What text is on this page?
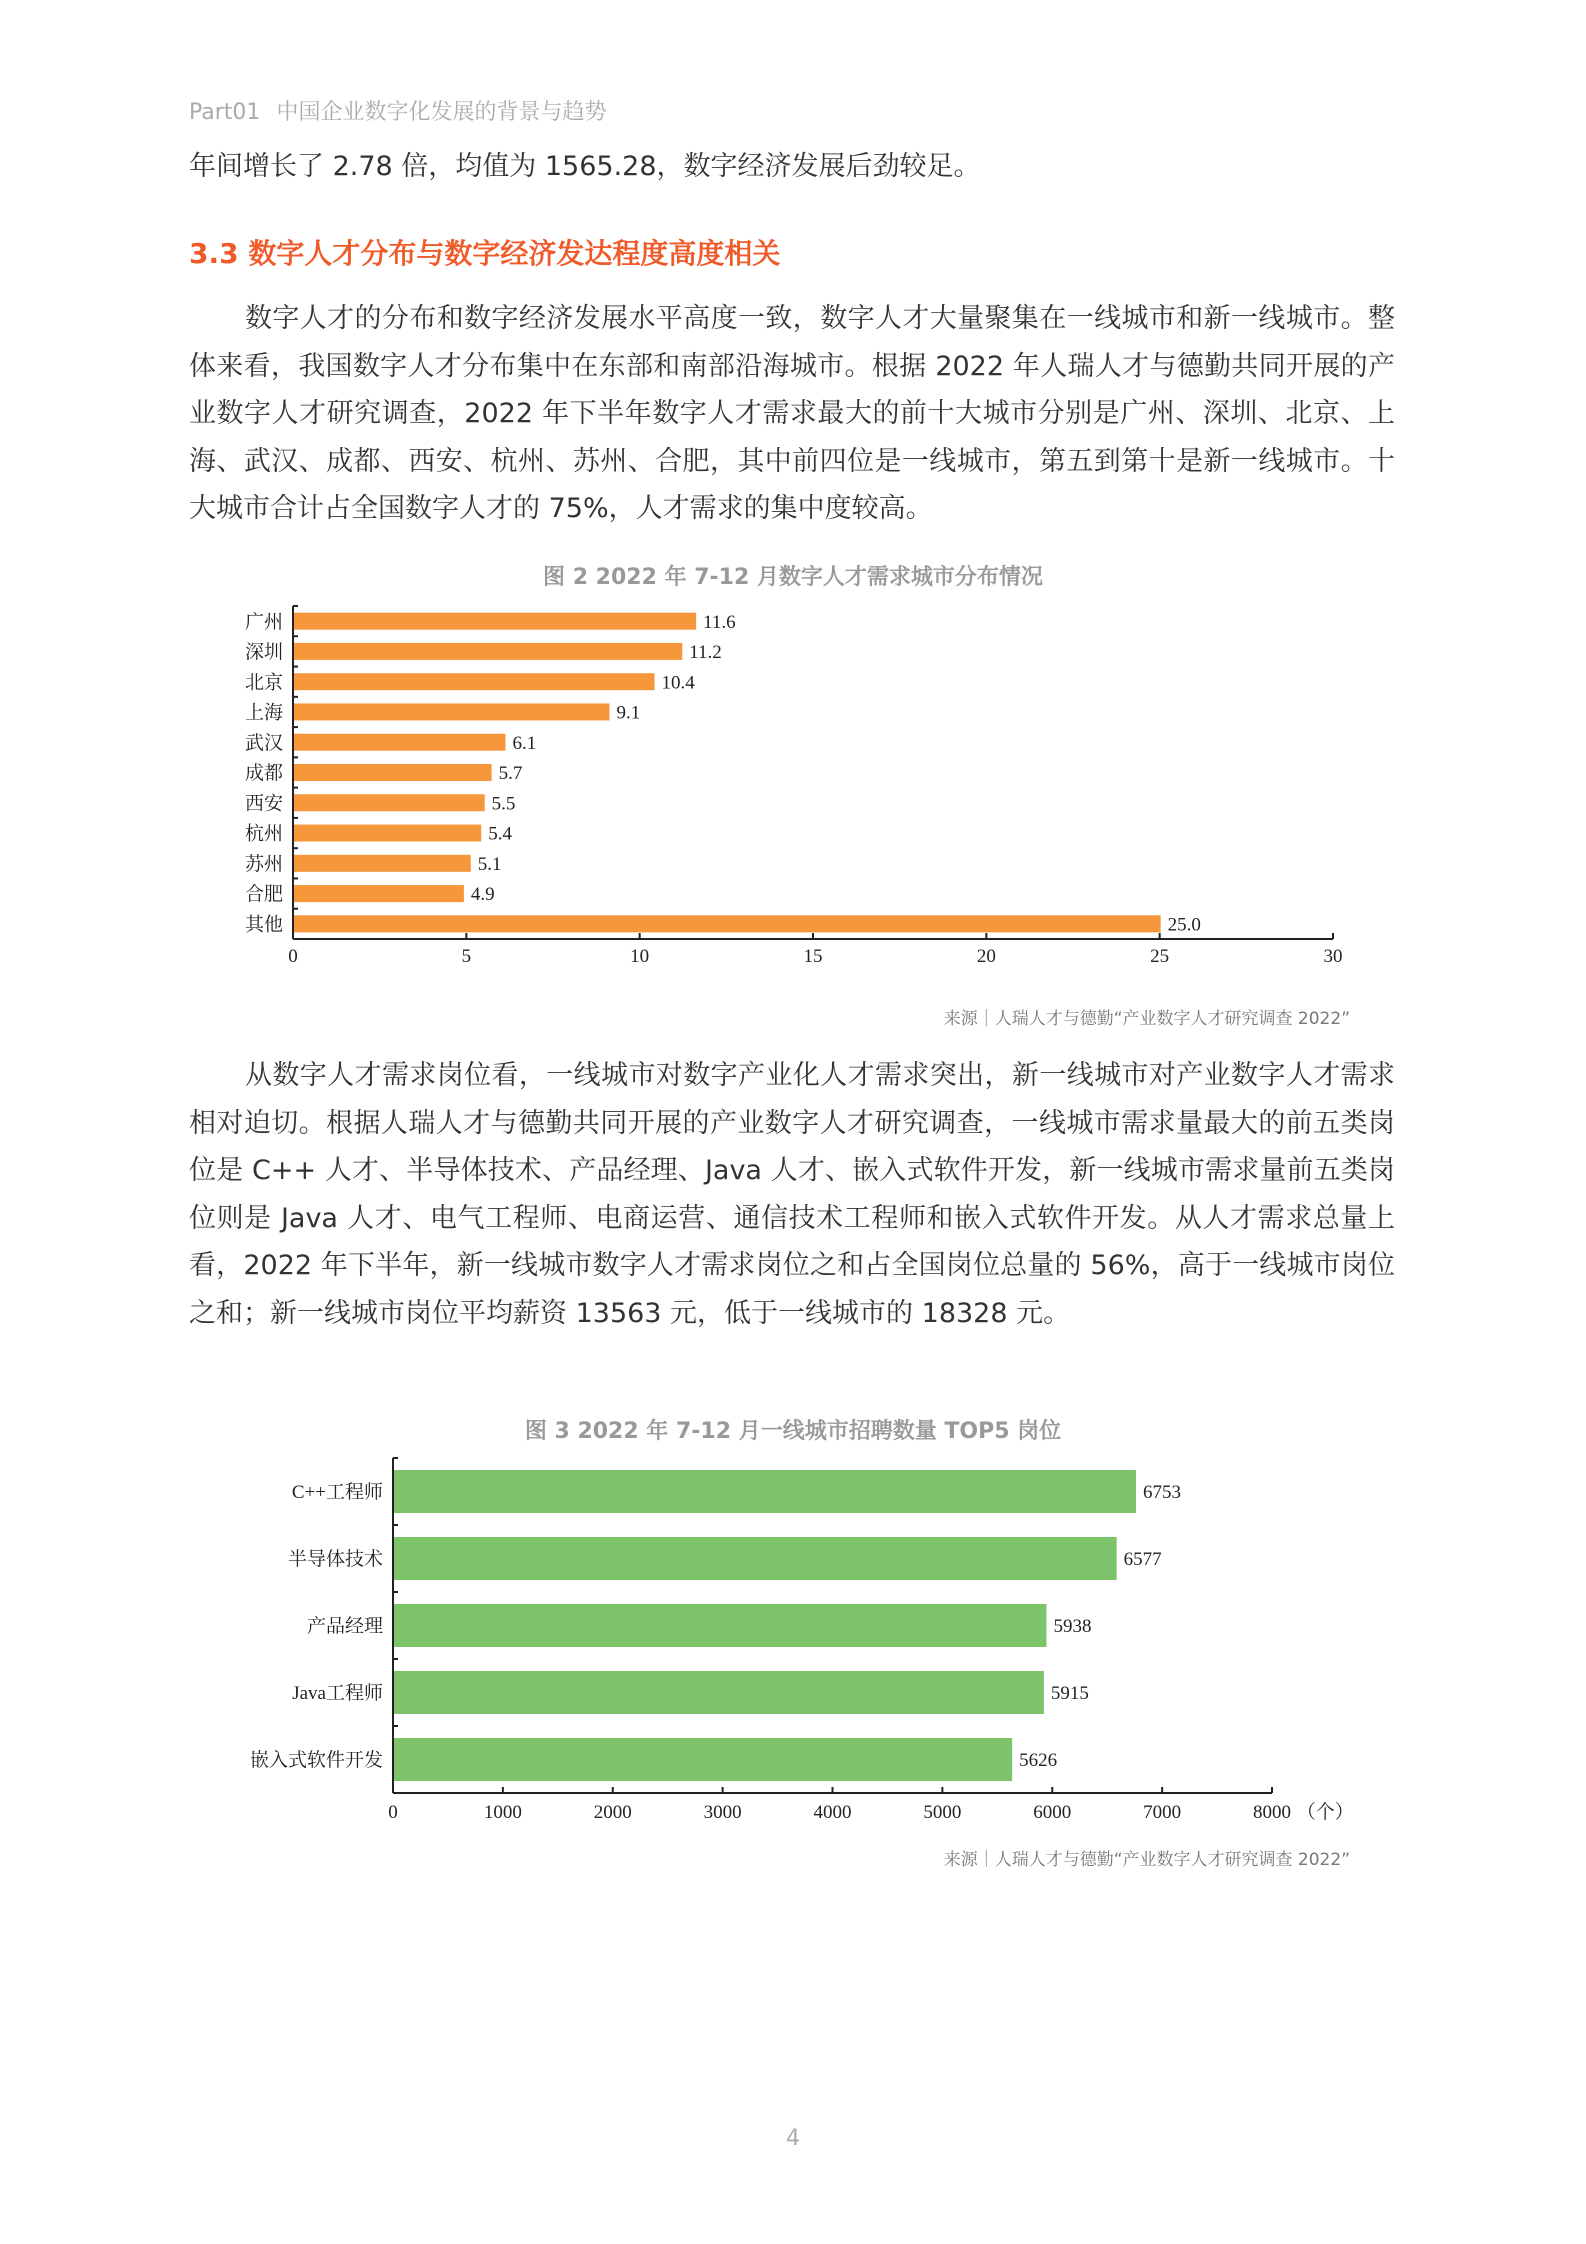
Part01 中国企业数字化发展的背景与趋势
年间增长了 2.78 倍，均值为 1565.28，数字经济发展后劲较足。
3.3 数字人才分布与数字经济发达程度高度相关
数字人才的分布和数字经济发展水平高度一致，数字人才大量聚集在一线城市和新一线城市。整体来看，我国数字人才分布集中在东部和南部沿海城市。根据 2022 年人瑞人才与德勤共同开展的产业数字人才研究调查，2022 年下半年数字人才需求最大的前十大城市分别是广州、深圳、北京、上海、武汉、成都、西安、杭州、苏州、合肥，其中前四位是一线城市，第五到第十是新一线城市。十大城市合计占全国数字人才的 75%，人才需求的集中度较高。
图 2 2022 年 7-12 月数字人才需求城市分布情况
0	5	10	15	20	25	30
广州	11.6
深圳	11.2
北京	10.4
上海	9.1
武汉	6.1
成都	5.7
西安	5.5
杭州	5.4
苏州	5.1
合肥	4.9
其他	25.0
来源｜人瑞人才与德勤“产业数字人才研究调查 2022”
从数字人才需求岗位看，一线城市对数字产业化人才需求突出，新一线城市对产业数字人才需求相对迫切。根据人瑞人才与德勤共同开展的产业数字人才研究调查，一线城市需求量最大的前五类岗位是 C++ 人才、半导体技术、产品经理、Java 人才、嵌入式软件开发，新一线城市需求量前五类岗位则是 Java 人才、电气工程师、电商运营、通信技术工程师和嵌入式软件开发。从人才需求总量上看，2022 年下半年，新一线城市数字人才需求岗位之和占全国岗位总量的 56%，高于一线城市岗位之和；新一线城市岗位平均薪资 13563 元，低于一线城市的 18328 元。
图 3 2022 年 7-12 月一线城市招聘数量 TOP5 岗位
0	1000	2000	3000	4000	5000	6000	7000	8000 （个）
C++工程师	6753
半导体技术	6577
产品经理	5938
Java工程师	5915
嵌入式软件开发	5626
来源｜人瑞人才与德勤“产业数字人才研究调查 2022”
4
